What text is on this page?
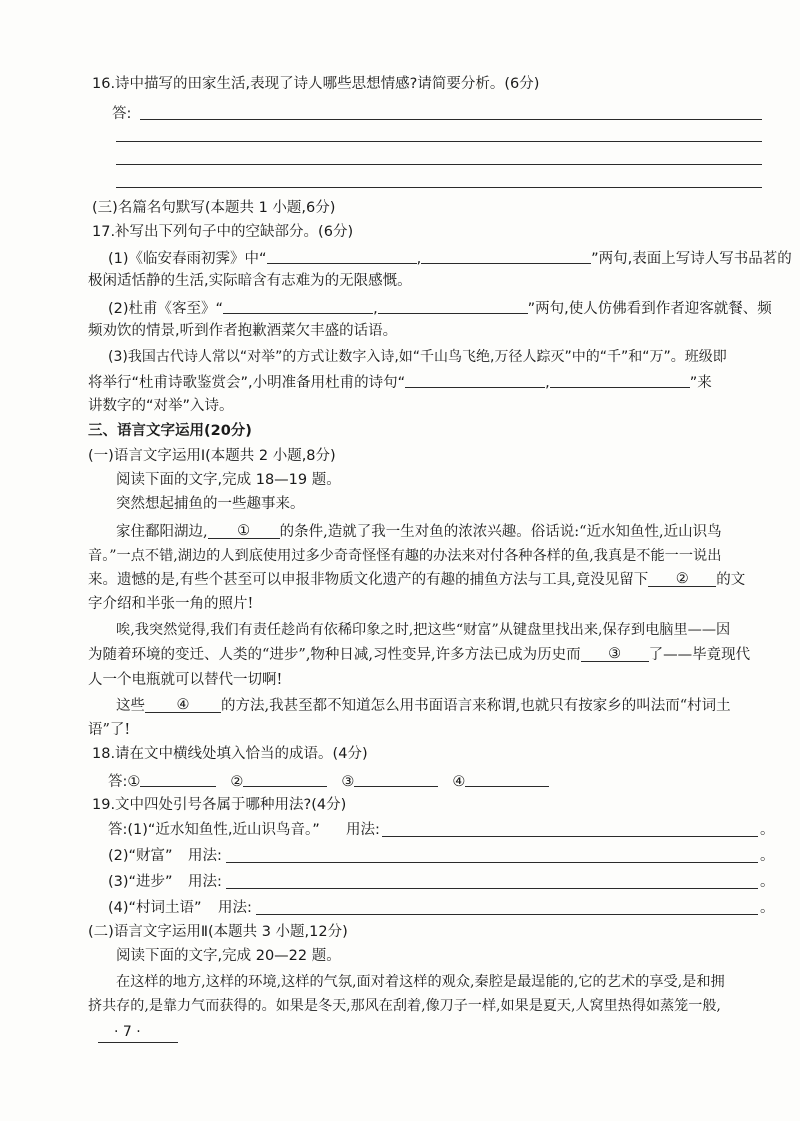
16.诗中描写的田家生活,表现了诗人哪些思想情感?请简要分析。(6分)
答:
(三)名篇名句默写(本题共 1 小题,6分)
17.补写出下列句子中的空缺部分。(6分)
(1)《临安春雨初霁》中“	,	”两句,表面上写诗人写书品茗的
极闲适恬静的生活,实际暗含有志难为的无限感慨。
(2)杜甫《客至》“	,	”两句,使人仿佛看到作者迎客就餐、频
频劝饮的情景,听到作者抱歉酒菜欠丰盛的话语。
(3)我国古代诗人常以“对举”的方式让数字入诗,如“千山鸟飞绝,万径人踪灭”中的“千”和“万”。班级即
将举行“杜甫诗歌鉴赏会”,小明准备用杜甫的诗句“	,	”来
讲数字的“对举”入诗。
三、语言文字运用(20分)
(一)语言文字运用Ⅰ(本题共 2 小题,8分)
阅读下面的文字,完成 18—19 题。
突然想起捕鱼的一些趣事来。
家住鄱阳湖边, ① 的条件,造就了我一生对鱼的浓浓兴趣。俗话说:“近水知鱼性,近山识鸟
音。”一点不错,湖边的人到底使用过多少奇奇怪怪有趣的办法来对付各种各样的鱼,我真是不能一一说出
来。遗憾的是,有些个甚至可以申报非物质文化遗产的有趣的捕鱼方法与工具,竟没见留下 ② 的文
字介绍和半张一角的照片!
唉,我突然觉得,我们有责任趁尚有依稀印象之时,把这些“财富”从键盘里找出来,保存到电脑里——因
为随着环境的变迁、人类的“进步”,物种日减,习性变异,许多方法已成为历史而 ③ 了——毕竟现代
人一个电瓶就可以替代一切啊!
这些 ④ 的方法,我甚至都不知道怎么用书面语言来称谓,也就只有按家乡的叫法而“村词土
语”了!
18.请在文中横线处填入恰当的成语。(4分)
答:①	②	③	④
19.文中四处引号各属于哪种用法?(4分)
答:(1)“近水知鱼性,近山识鸟音。” 用法:	。
(2)“财富” 用法:	。
(3)“进步” 用法:	。
(4)“村词土语” 用法:	。
(二)语言文字运用Ⅱ(本题共 3 小题,12分)
阅读下面的文字,完成 20—22 题。
在这样的地方,这样的环境,这样的气氛,面对着这样的观众,秦腔是最逞能的,它的艺术的享受,是和拥
挤共存的,是靠力气而获得的。如果是冬天,那风在刮着,像刀子一样,如果是夏天,人窝里热得如蒸笼一般,
· 7 ·
